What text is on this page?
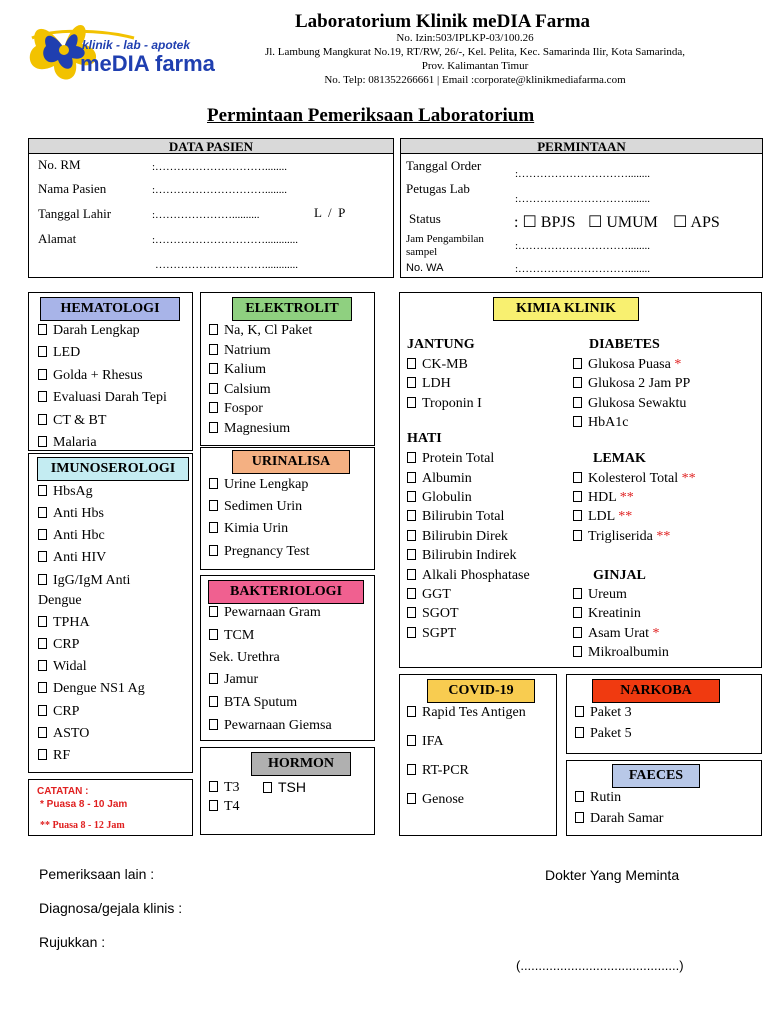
klinik - lab - apotek
meDIA farma
Laboratorium Klinik meDIA Farma
No. Izin:503/IPLKP-03/100.26
Jl. Lambung Mangkurat No.19, RT/RW, 26/-, Kel. Pelita, Kec. Samarinda Ilir, Kota Samarinda,
Prov. Kalimantan Timur
No. Telp: 081352266661 | Email :corporate@klinikmediafarma.com
Permintaan Pemeriksaan Laboratorium
DATA PASIEN
No. RM	:…………………………........
Nama Pasien	:…………………………........
Tanggal Lahir	:…………………..........	L  /  P
Alamat	:…………………………............
…………………………............
PERMINTAAN
Tanggal Order
:…………………………........
Petugas Lab
:…………………………........
Status	: ☐ BPJS ☐ UMUM ☐ APS
Jam Pengambilan sampel	:…………………………........
No. WA	:…………………………........
HEMATOLOGI
Darah Lengkap
LED
Golda + Rhesus
Evaluasi Darah Tepi
CT & BT
Malaria
ELEKTROLIT
Na, K, Cl Paket
Natrium
Kalium
Calsium
Fospor
Magnesium
IMUNOSEROLOGI
HbsAg
Anti Hbs
Anti Hbc
Anti HIV
IgG/IgM Anti
Dengue
TPHA
CRP
Widal
Dengue NS1 Ag
CRP
ASTO
RF
URINALISA
Urine Lengkap
Sedimen Urin
Kimia Urin
Pregnancy Test
BAKTERIOLOGI
Pewarnaan Gram
TCM
Sek. Urethra
Jamur
BTA Sputum
Pewarnaan Giemsa
HORMON
T3	TSH
T4
CATATAN :
* Puasa 8 - 10 Jam
** Puasa 8 - 12 Jam
KIMIA KLINIK
JANTUNG
CK-MB
LDH
Troponin I
HATI
Protein Total
Albumin
Globulin
Bilirubin Total
Bilirubin Direk
Bilirubin Indirek
Alkali Phosphatase
GGT
SGOT
SGPT
DIABETES
Glukosa Puasa *
Glukosa 2 Jam PP
Glukosa Sewaktu
HbA1c
LEMAK
Kolesterol Total **
HDL **
LDL **
Trigliserida **
GINJAL
Ureum
Kreatinin
Asam Urat *
Mikroalbumin
COVID-19
Rapid Tes Antigen
IFA
RT-PCR
Genose
NARKOBA
Paket 3
Paket 5
FAECES
Rutin
Darah Samar
Pemeriksaan lain :
Diagnosa/gejala klinis :
Rujukkan :
Dokter Yang Meminta
(............................................)
